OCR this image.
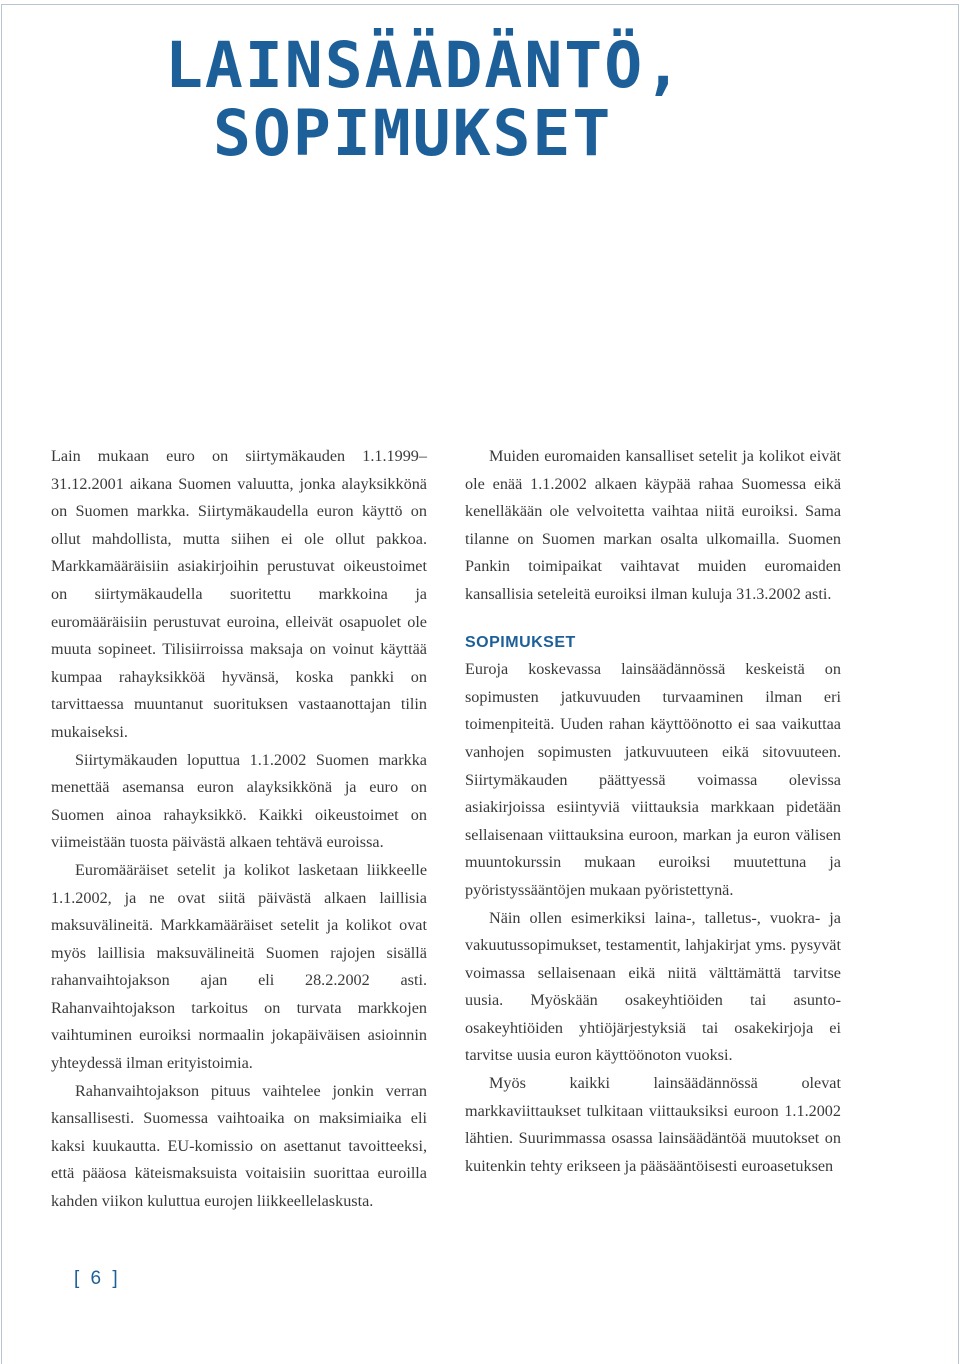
LAINSÄÄDÄNTÖ,
SOPIMUKSET

Lain mukaan euro on siirtymäkauden 1.1.1999–31.12.2001 aikana Suomen valuutta, jonka alayksikkönä on Suomen markka. Siirtymäkaudella euron käyttö on ollut mahdollista, mutta siihen ei ole ollut pakkoa. Markkamääräisiin asiakirjoihin perustuvat oikeustoimet on siirtymäkaudella suoritettu markkoina ja euromääräisiin perustuvat euroina, elleivät osapuolet ole muuta sopineet. Tilisiirroissa maksaja on voinut käyttää kumpaa rahayksikköä hyvänsä, koska pankki on tarvittaessa muuntanut suorituksen vastaanottajan tilin mukaiseksi.

Siirtymäkauden loputtua 1.1.2002 Suomen markka menettää asemansa euron alayksikkönä ja euro on Suomen ainoa rahayksikkö. Kaikki oikeustoimet on viimeistään tuosta päivästä alkaen tehtävä euroissa.

Euromääräiset setelit ja kolikot lasketaan liikkeelle 1.1.2002, ja ne ovat siitä päivästä alkaen laillisia maksuvälineitä. Markkamääräiset setelit ja kolikot ovat myös laillisia maksuvälineitä Suomen rajojen sisällä rahanvaihtojakson ajan eli 28.2.2002 asti. Rahanvaihtojakson tarkoitus on turvata markkojen vaihtuminen euroiksi normaalin jokapäiväisen asioinnin yhteydessä ilman erityistoimia.

Rahanvaihtojakson pituus vaihtelee jonkin verran kansallisesti. Suomessa vaihtoaika on maksimiaika eli kaksi kuukautta. EU-komissio on asettanut tavoitteeksi, että pääosa käteismaksuista voitaisiin suorittaa euroilla kahden viikon kuluttua eurojen liikkeellelaskusta.

Muiden euromaiden kansalliset setelit ja kolikot eivät ole enää 1.1.2002 alkaen käypää rahaa Suomessa eikä kenelläkään ole velvoitetta vaihtaa niitä euroiksi. Sama tilanne on Suomen markan osalta ulkomailla. Suomen Pankin toimipaikat vaihtavat muiden euromaiden kansallisia seteleitä euroiksi ilman kuluja 31.3.2002 asti.

SOPIMUKSET

Euroja koskevassa lainsäädännössä keskeistä on sopimusten jatkuvuuden turvaaminen ilman eri toimenpiteitä. Uuden rahan käyttöönotto ei saa vaikuttaa vanhojen sopimusten jatkuvuuteen eikä sitovuuteen. Siirtymäkauden päättyessä voimassa olevissa asiakirjoissa esiintyviä viittauksia markkaan pidetään sellaisenaan viittauksina euroon, markan ja euron välisen muuntokurssin mukaan euroiksi muutettuna ja pyöristyssääntöjen mukaan pyöristettynä.

Näin ollen esimerkiksi laina-, talletus-, vuokra- ja vakuutussopimukset, testamentit, lahjakirjat yms. pysyvät voimassa sellaisenaan eikä niitä välttämättä tarvitse uusia. Myöskään osakeyhtiöiden tai asunto-osakeyhtiöiden yhtiöjärjestyksiä tai osakekirjoja ei tarvitse uusia euron käyttöönoton vuoksi.

Myös kaikki lainsäädännössä olevat markkaviittaukset tulkitaan viittauksiksi euroon 1.1.2002 lähtien. Suurimmassa osassa lainsäädäntöä muutokset on kuitenkin tehty erikseen ja pääsääntöisesti euroasetuksen

[ 6 ]
